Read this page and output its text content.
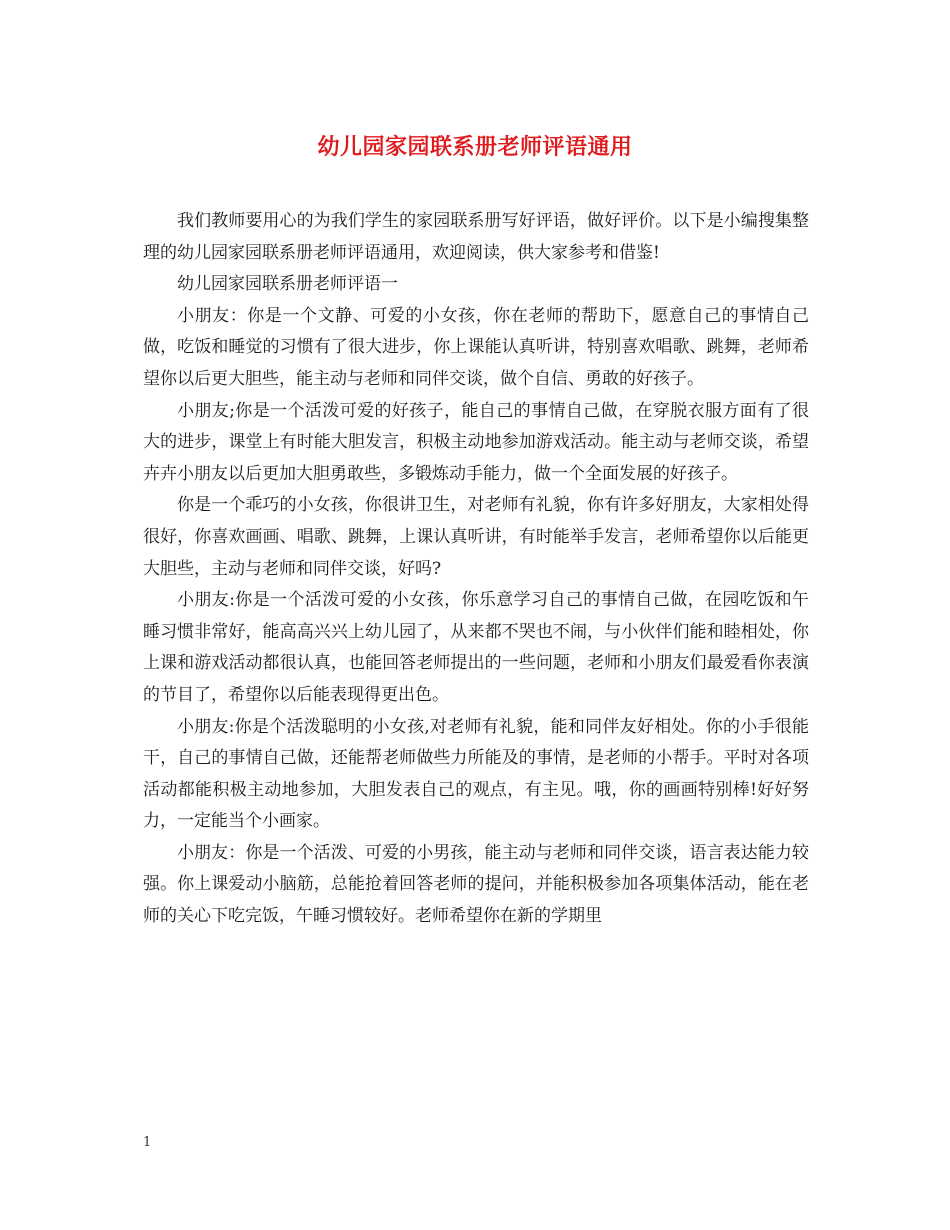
幼儿园家园联系册老师评语通用

我们教师要用心的为我们学生的家园联系册写好评语，做好评价。以下是小编搜集整理的幼儿园家园联系册老师评语通用，欢迎阅读，供大家参考和借鉴!

幼儿园家园联系册老师评语一

小朋友：你是一个文静、可爱的小女孩，你在老师的帮助下，愿意自己的事情自己做，吃饭和睡觉的习惯有了很大进步，你上课能认真听讲，特别喜欢唱歌、跳舞，老师希望你以后更大胆些，能主动与老师和同伴交谈，做个自信、勇敢的好孩子。

小朋友;你是一个活泼可爱的好孩子，能自己的事情自己做，在穿脱衣服方面有了很大的进步，课堂上有时能大胆发言，积极主动地参加游戏活动。能主动与老师交谈，希望卉卉小朋友以后更加大胆勇敢些，多锻炼动手能力，做一个全面发展的好孩子。

你是一个乖巧的小女孩，你很讲卫生，对老师有礼貌，你有许多好朋友，大家相处得很好，你喜欢画画、唱歌、跳舞，上课认真听讲，有时能举手发言，老师希望你以后能更大胆些，主动与老师和同伴交谈，好吗?

小朋友:你是一个活泼可爱的小女孩，你乐意学习自己的事情自己做，在园吃饭和午睡习惯非常好，能高高兴兴上幼儿园了，从来都不哭也不闹，与小伙伴们能和睦相处，你上课和游戏活动都很认真，也能回答老师提出的一些问题，老师和小朋友们最爱看你表演的节目了，希望你以后能表现得更出色。

小朋友:你是个活泼聪明的小女孩,对老师有礼貌，能和同伴友好相处。你的小手很能干，自己的事情自己做，还能帮老师做些力所能及的事情，是老师的小帮手。平时对各项活动都能积极主动地参加，大胆发表自己的观点，有主见。哦，你的画画特别棒!好好努力，一定能当个小画家。

小朋友：你是一个活泼、可爱的小男孩，能主动与老师和同伴交谈，语言表达能力较强。你上课爱动小脑筋，总能抢着回答老师的提问，并能积极参加各项集体活动，能在老师的关心下吃完饭，午睡习惯较好。老师希望你在新的学期里

1
